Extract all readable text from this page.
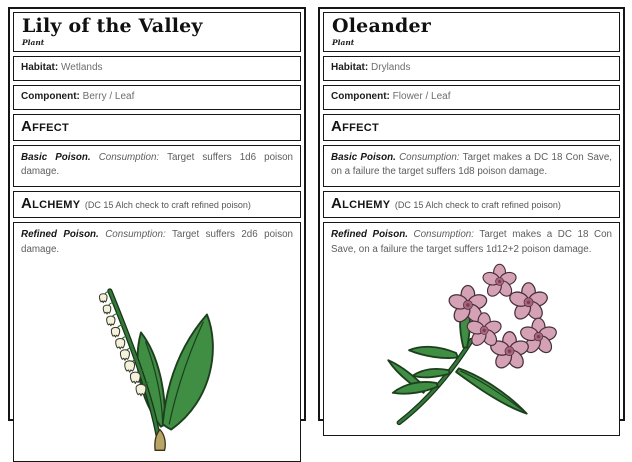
Lily of the Valley
Plant
Habitat: Wetlands
Component: Berry / Leaf
Affect
Basic Poison. Consumption: Target suffers 1d6 poison damage.
Alchemy (DC 15 Alch check to craft refined poison)
Refined Poison. Consumption: Target suffers 2d6 poison damage.
Oleander
Plant
Habitat: Drylands
Component: Flower / Leaf
Affect
Basic Poison. Consumption: Target makes a DC 18 Con Save, on a failure the target suffers 1d8 poison damage.
Alchemy (DC 15 Alch check to craft refined poison)
Refined Poison. Consumption: Target makes a DC 18 Con Save, on a failure the target suffers 1d12+2 poison damage.
